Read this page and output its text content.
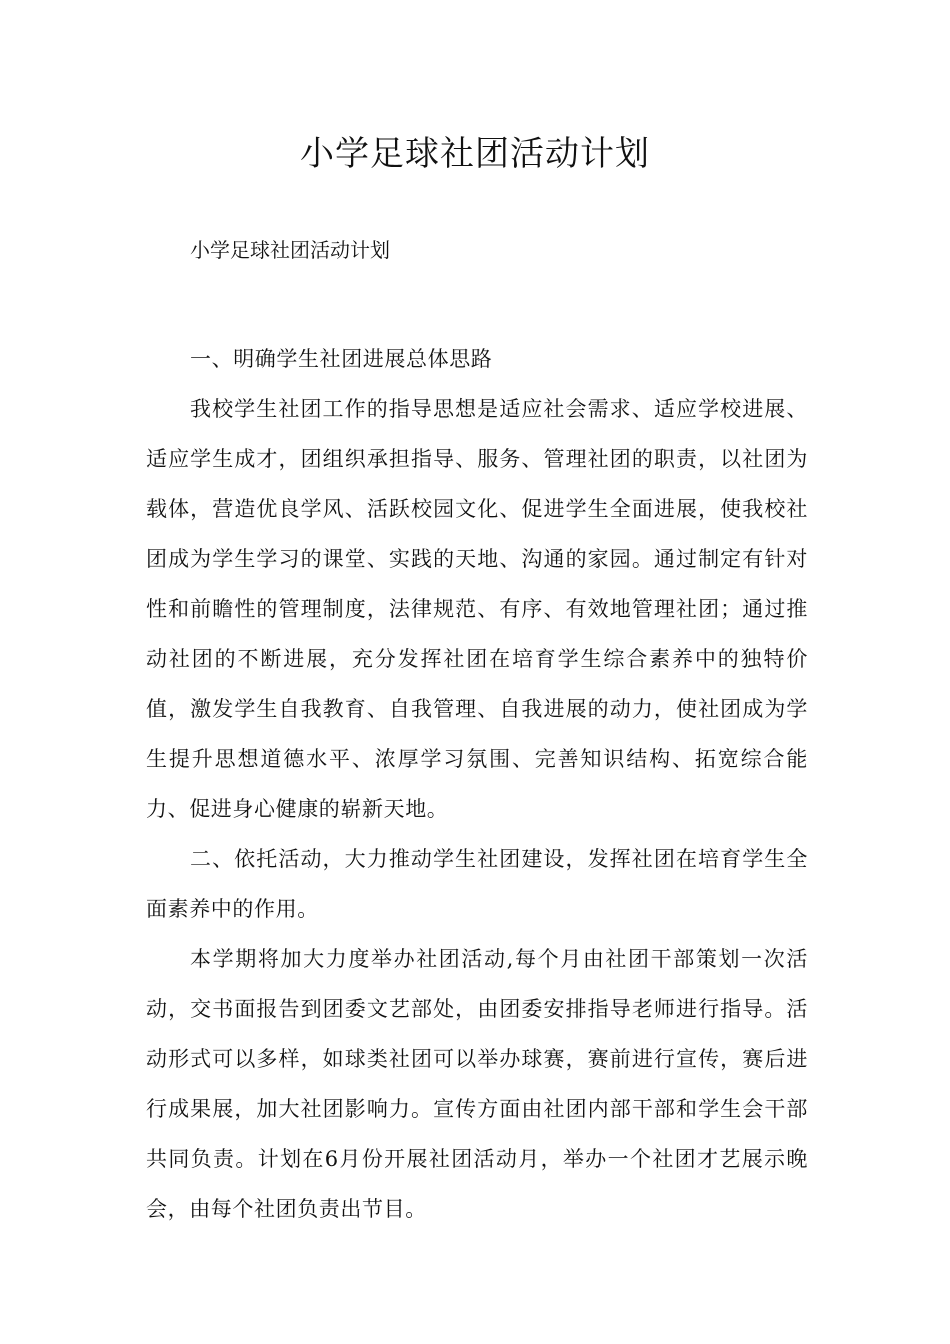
小学足球社团活动计划

小学足球社团活动计划

一、明确学生社团进展总体思路

我校学生社团工作的指导思想是适应社会需求、适应学校进展、适应学生成才，团组织承担指导、服务、管理社团的职责，以社团为载体，营造优良学风、活跃校园文化、促进学生全面进展，使我校社团成为学生学习的课堂、实践的天地、沟通的家园。通过制定有针对性和前瞻性的管理制度，法律规范、有序、有效地管理社团；通过推动社团的不断进展，充分发挥社团在培育学生综合素养中的独特价值，激发学生自我教育、自我管理、自我进展的动力，使社团成为学生提升思想道德水平、浓厚学习氛围、完善知识结构、拓宽综合能力、促进身心健康的崭新天地。

二、依托活动，大力推动学生社团建设，发挥社团在培育学生全面素养中的作用。

本学期将加大力度举办社团活动,每个月由社团干部策划一次活动，交书面报告到团委文艺部处，由团委安排指导老师进行指导。活动形式可以多样，如球类社团可以举办球赛，赛前进行宣传，赛后进行成果展，加大社团影响力。宣传方面由社团内部干部和学生会干部共同负责。计划在6月份开展社团活动月，举办一个社团才艺展示晚会，由每个社团负责出节目。
